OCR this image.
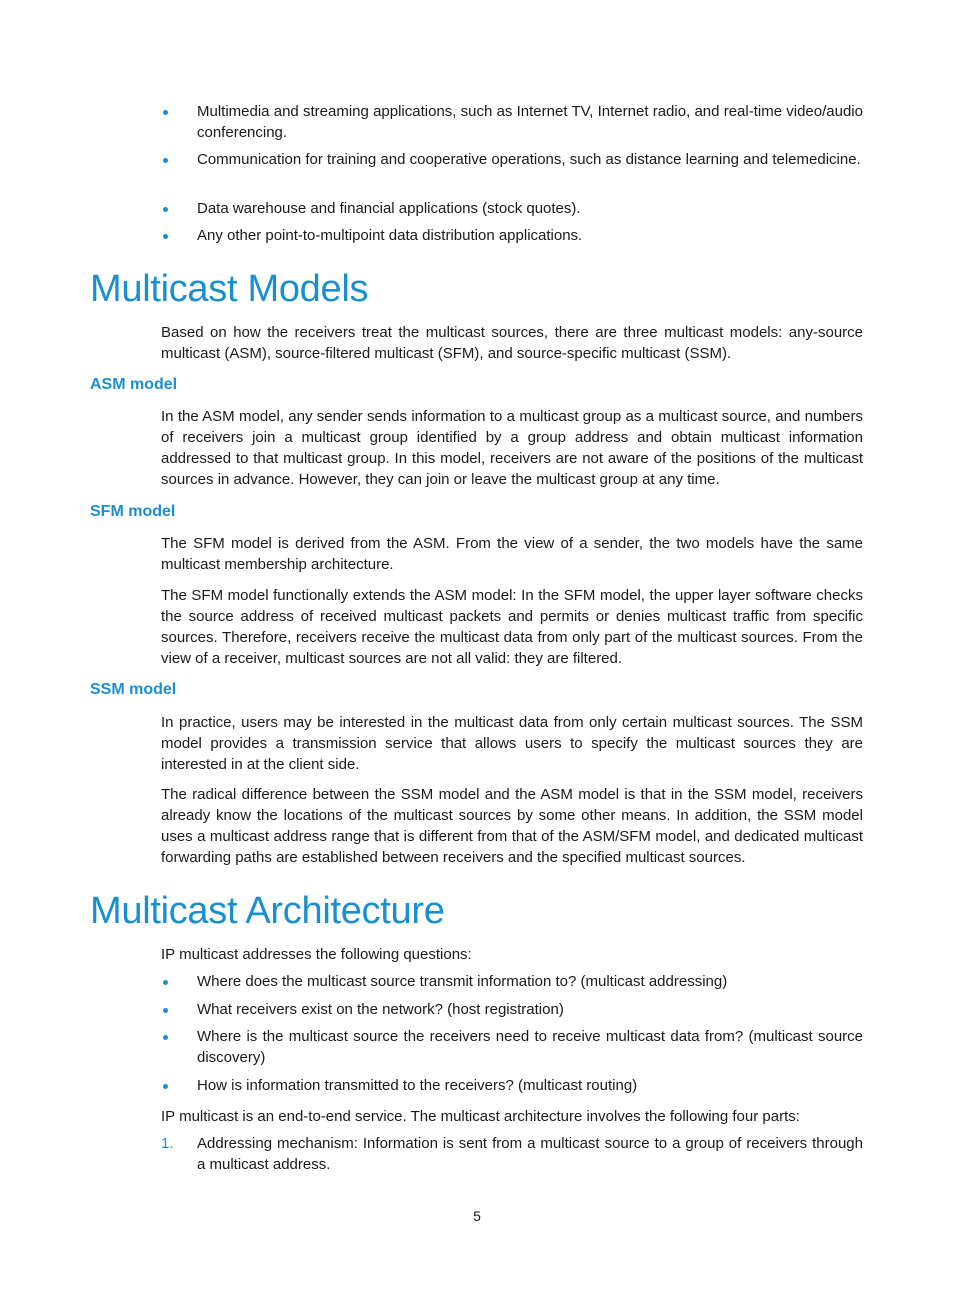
Multimedia and streaming applications, such as Internet TV, Internet radio, and real-time video/audio conferencing.
Communication for training and cooperative operations, such as distance learning and telemedicine.
Data warehouse and financial applications (stock quotes).
Any other point-to-multipoint data distribution applications.
Multicast Models

Based on how the receivers treat the multicast sources, there are three multicast models: any-source multicast (ASM), source-filtered multicast (SFM), and source-specific multicast (SSM).

ASM model

In the ASM model, any sender sends information to a multicast group as a multicast source, and numbers of receivers join a multicast group identified by a group address and obtain multicast information addressed to that multicast group. In this model, receivers are not aware of the positions of the multicast sources in advance. However, they can join or leave the multicast group at any time.

SFM model

The SFM model is derived from the ASM. From the view of a sender, the two models have the same multicast membership architecture.

The SFM model functionally extends the ASM model: In the SFM model, the upper layer software checks the source address of received multicast packets and permits or denies multicast traffic from specific sources. Therefore, receivers receive the multicast data from only part of the multicast sources. From the view of a receiver, multicast sources are not all valid: they are filtered.

SSM model

In practice, users may be interested in the multicast data from only certain multicast sources. The SSM model provides a transmission service that allows users to specify the multicast sources they are interested in at the client side.

The radical difference between the SSM model and the ASM model is that in the SSM model, receivers already know the locations of the multicast sources by some other means. In addition, the SSM model uses a multicast address range that is different from that of the ASM/SFM model, and dedicated multicast forwarding paths are established between receivers and the specified multicast sources.

Multicast Architecture

IP multicast addresses the following questions:

Where does the multicast source transmit information to? (multicast addressing)
What receivers exist on the network? (host registration)
Where is the multicast source the receivers need to receive multicast data from? (multicast source discovery)
How is information transmitted to the receivers? (multicast routing)

IP multicast is an end-to-end service. The multicast architecture involves the following four parts:

1. Addressing mechanism: Information is sent from a multicast source to a group of receivers through a multicast address.
5
